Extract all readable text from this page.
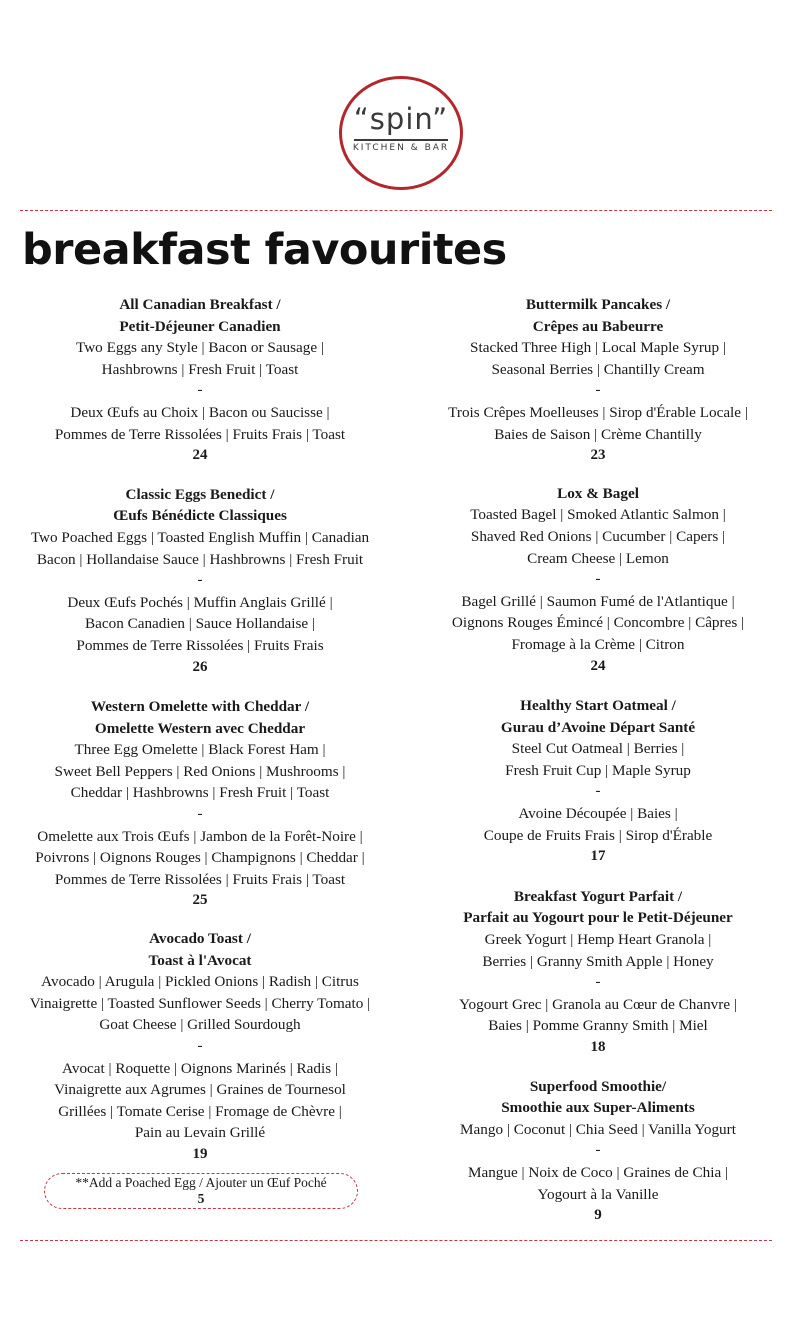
“spin”
KITCHEN & BAR
breakfast favourites
All Canadian Breakfast /
Petit-Déjeuner Canadien
Two Eggs any Style | Bacon or Sausage |
Hashbrowns | Fresh Fruit | Toast
-
Deux Œufs au Choix | Bacon ou Saucisse |
Pommes de Terre Rissolées | Fruits Frais | Toast
24
Classic Eggs Benedict /
Œufs Bénédicte Classiques
Two Poached Eggs | Toasted English Muffin | Canadian
Bacon | Hollandaise Sauce | Hashbrowns | Fresh Fruit
-
Deux Œufs Pochés | Muffin Anglais Grillé |
Bacon Canadien | Sauce Hollandaise |
Pommes de Terre Rissolées | Fruits Frais
26
Western Omelette with Cheddar /
Omelette Western avec Cheddar
Three Egg Omelette | Black Forest Ham |
Sweet Bell Peppers | Red Onions | Mushrooms |
Cheddar | Hashbrowns | Fresh Fruit | Toast
-
Omelette aux Trois Œufs | Jambon de la Forêt-Noire |
Poivrons | Oignons Rouges | Champignons | Cheddar |
Pommes de Terre Rissolées | Fruits Frais | Toast
25
Avocado Toast /
Toast à l'Avocat
Avocado | Arugula | Pickled Onions | Radish | Citrus
Vinaigrette | Toasted Sunflower Seeds | Cherry Tomato |
Goat Cheese | Grilled Sourdough
-
Avocat | Roquette | Oignons Marinés | Radis |
Vinaigrette aux Agrumes | Graines de Tournesol
Grillées | Tomate Cerise | Fromage de Chèvre |
Pain au Levain Grillé
19
Buttermilk Pancakes /
Crêpes au Babeurre
Stacked Three High | Local Maple Syrup |
Seasonal Berries | Chantilly Cream
-
Trois Crêpes Moelleuses | Sirop d'Érable Locale |
Baies de Saison | Crème Chantilly
23
Lox & Bagel
Toasted Bagel | Smoked Atlantic Salmon |
Shaved Red Onions | Cucumber | Capers |
Cream Cheese | Lemon
-
Bagel Grillé | Saumon Fumé de l'Atlantique |
Oignons Rouges Émincé | Concombre | Câpres |
Fromage à la Crème | Citron
24
Healthy Start Oatmeal /
Gurau d’Avoine Départ Santé
Steel Cut Oatmeal | Berries |
Fresh Fruit Cup | Maple Syrup
-
Avoine Découpée | Baies |
Coupe de Fruits Frais | Sirop d'Érable
17
Breakfast Yogurt Parfait /
Parfait au Yogourt pour le Petit-Déjeuner
Greek Yogurt | Hemp Heart Granola |
Berries | Granny Smith Apple | Honey
-
Yogourt Grec | Granola au Cœur de Chanvre |
Baies | Pomme Granny Smith | Miel
18
Superfood Smoothie/
Smoothie aux Super-Aliments
Mango | Coconut | Chia Seed | Vanilla Yogurt
-
Mangue | Noix de Coco | Graines de Chia |
Yogourt à la Vanille
9
**Add a Poached Egg / Ajouter un Œuf Poché
5
